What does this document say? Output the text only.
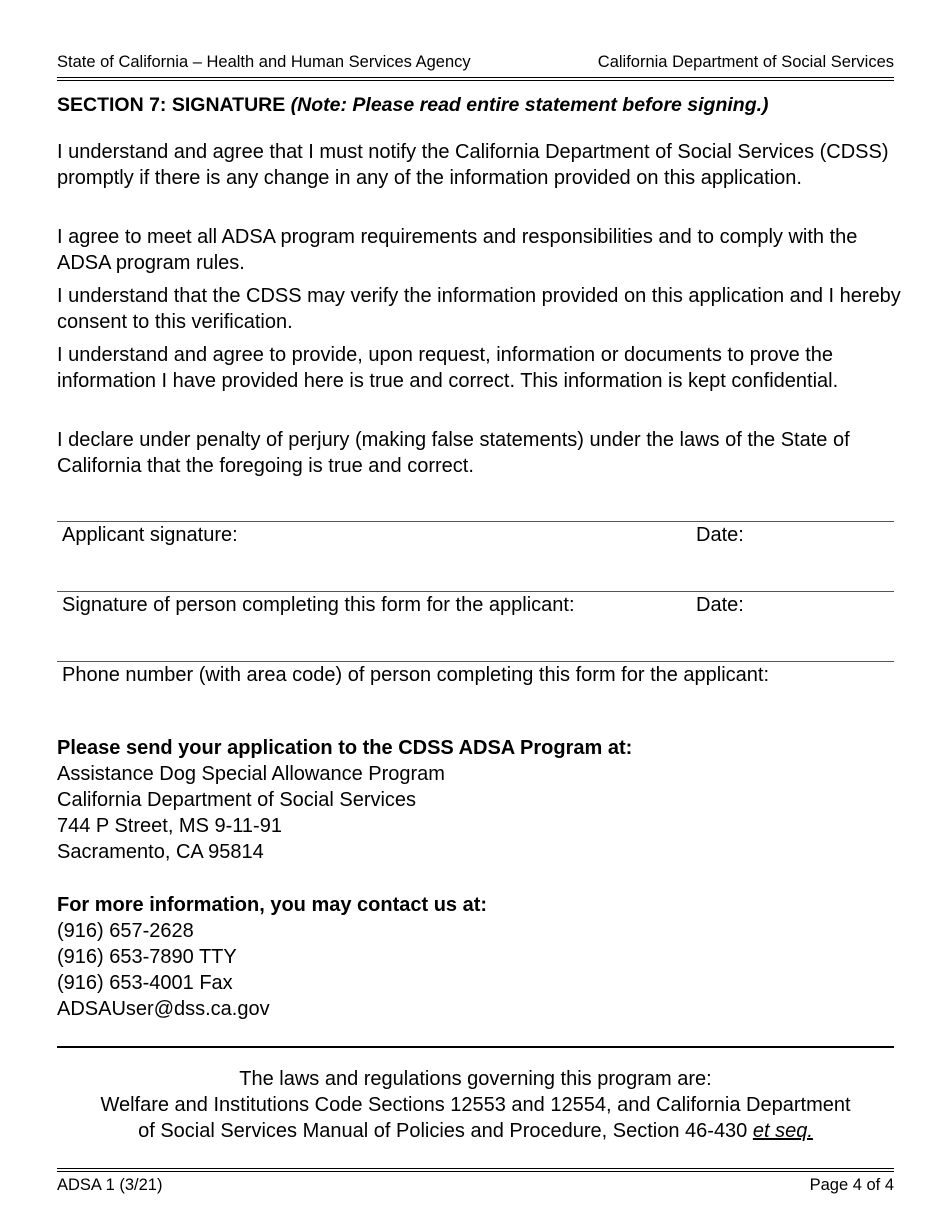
State of California – Health and Human Services Agency	California Department of Social Services
SECTION 7: SIGNATURE (Note: Please read entire statement before signing.)
I understand and agree that I must notify the California Department of Social Services (CDSS) promptly if there is any change in any of the information provided on this application.
I agree to meet all ADSA program requirements and responsibilities and to comply with the ADSA program rules.
I understand that the CDSS may verify the information provided on this application and I hereby consent to this verification.
I understand and agree to provide, upon request, information or documents to prove the information I have provided here is true and correct. This information is kept confidential.
I declare under penalty of perjury (making false statements) under the laws of the State of California that the foregoing is true and correct.
Applicant signature:	Date:
Signature of person completing this form for the applicant:	Date:
Phone number (with area code) of person completing this form for the applicant:
Please send your application to the CDSS ADSA Program at:
Assistance Dog Special Allowance Program
California Department of Social Services
744 P Street, MS 9-11-91
Sacramento, CA 95814
For more information, you may contact us at:
(916) 657-2628
(916) 653-7890 TTY
(916) 653-4001 Fax
ADSAUser@dss.ca.gov
The laws and regulations governing this program are:
Welfare and Institutions Code Sections 12553 and 12554, and California Department
of Social Services Manual of Policies and Procedure, Section 46-430 et seq.
ADSA 1 (3/21)	Page 4 of 4
